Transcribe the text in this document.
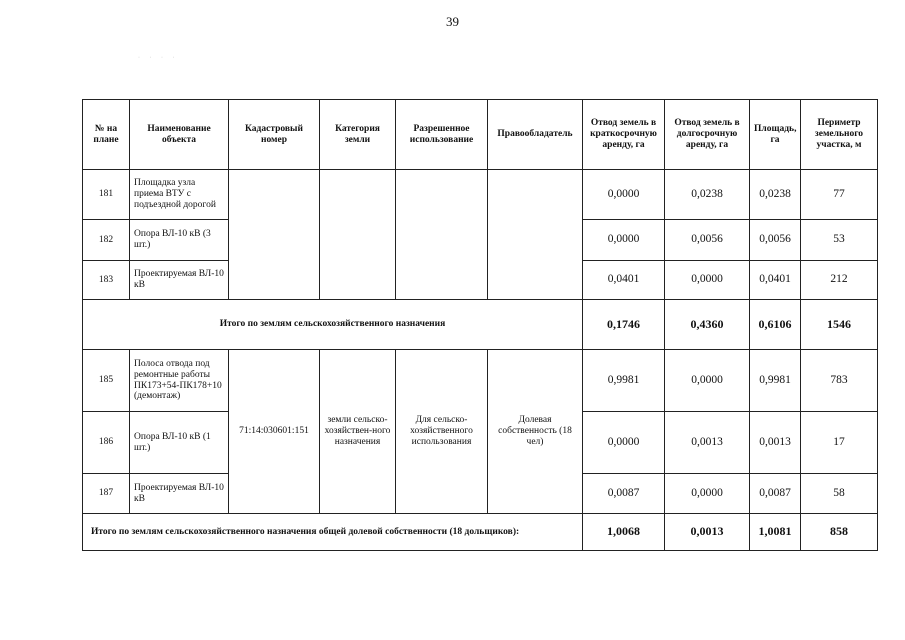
39
· · · ·
№ на плане	Наименование объекта	Кадастровый номер	Категория земли	Разрешенное использование	Правообладатель	Отвод земель в краткосрочную аренду, га	Отвод земель в долгосрочную аренду, га	Площадь, га	Периметр земельного участка, м
181	Площадка узла приема ВТУ с подъездной дорогой					0,0000	0,0238	0,0238	77
182	Опора ВЛ-10 кВ (3 шт.)					0,0000	0,0056	0,0056	53
183	Проектируемая ВЛ-10 кВ					0,0401	0,0000	0,0401	212
Итого по землям сельскохозяйственного назначения						0,1746	0,4360	0,6106	1546
185	Полоса отвода под ремонтные работы ПК173+54-ПК178+10 (демонтаж)	71:14:030601:151	земли сельско-хозяйствен-ного назначения	Для сельско-хозяйственного использования	Долевая собственность (18 чел)	0,9981	0,0000	0,9981	783
186	Опора ВЛ-10 кВ (1 шт.)					0,0000	0,0013	0,0013	17
187	Проектируемая ВЛ-10 кВ					0,0087	0,0000	0,0087	58
Итого по землям сельскохозяйственного назначения общей долевой собственности (18 дольщиков):						1,0068	0,0013	1,0081	858
